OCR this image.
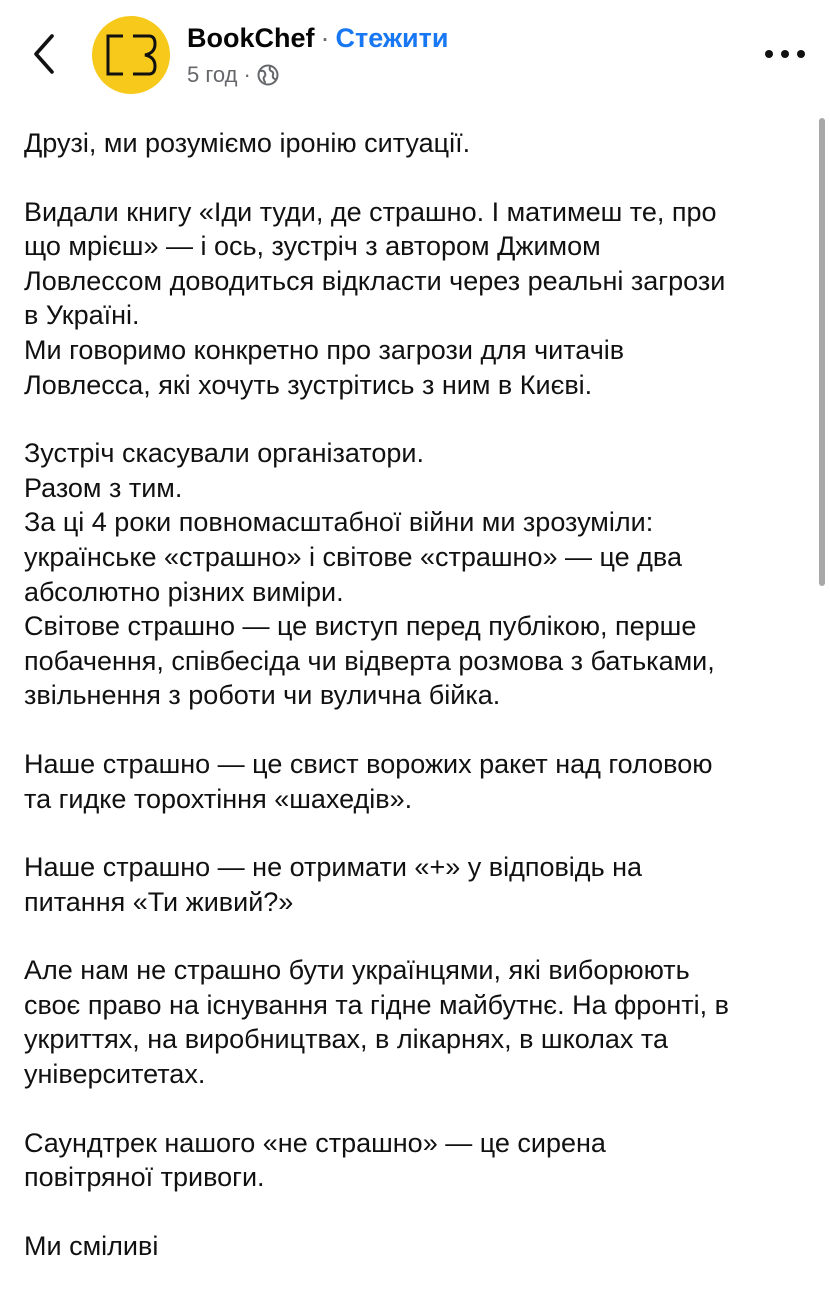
BookChef · Стежити
5 год ·

Друзі, ми розуміємо іронію ситуації.

Видали книгу «Іди туди, де страшно. І матимеш те, про
що мрієш» — і ось, зустріч з автором Джимом
Ловлессом доводиться відкласти через реальні загрози
в Україні.
Ми говоримо конкретно про загрози для читачів
Ловлесса, які хочуть зустрітись з ним в Києві.

Зустріч скасували організатори.
Разом з тим.
За ці 4 роки повномасштабної війни ми зрозуміли:
українське «страшно» і світове «страшно» — це два
абсолютно різних виміри.
Світове страшно — це виступ перед публікою, перше
побачення, співбесіда чи відверта розмова з батьками,
звільнення з роботи чи вулична бійка.

Наше страшно — це свист ворожих ракет над головою
та гидке торохтіння «шахедів».

Наше страшно — не отримати «+» у відповідь на
питання «Ти живий?»

Але нам не страшно бути українцями, які виборюють
своє право на існування та гідне майбутнє. На фронті, в
укриттях, на виробництвах, в лікарнях, в школах та
університетах.

Саундтрек нашого «не страшно» — це сирена
повітряної тривоги.

Ми сміливі
